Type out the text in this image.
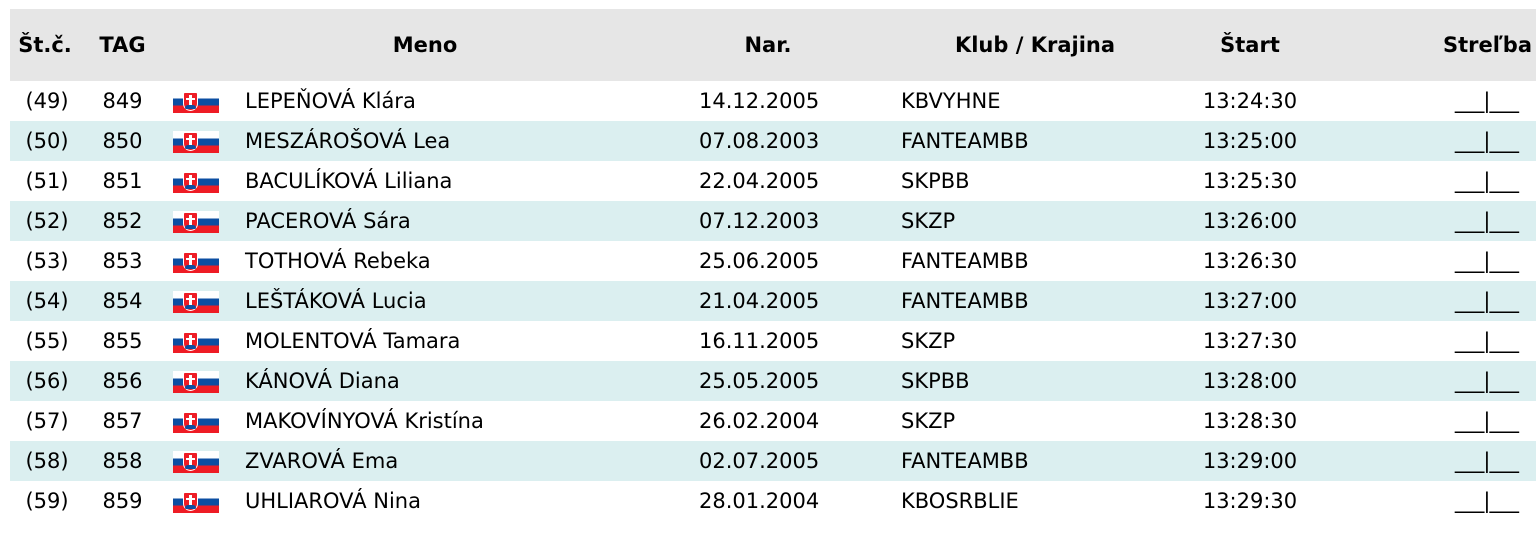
Št.č.	TAG		Meno	Nar.	Klub / Krajina	Štart	Streľba
(49)	849		LEPEŇOVÁ Klára	14.12.2005	KBVYHNE	13:24:30	___|___
(50)	850		MESZÁROŠOVÁ Lea	07.08.2003	FANTEAMBB	13:25:00	___|___
(51)	851		BACULÍKOVÁ Liliana	22.04.2005	SKPBB	13:25:30	___|___
(52)	852		PACEROVÁ Sára	07.12.2003	SKZP	13:26:00	___|___
(53)	853		TOTHOVÁ Rebeka	25.06.2005	FANTEAMBB	13:26:30	___|___
(54)	854		LEŠTÁKOVÁ Lucia	21.04.2005	FANTEAMBB	13:27:00	___|___
(55)	855		MOLENTOVÁ Tamara	16.11.2005	SKZP	13:27:30	___|___
(56)	856		KÁNOVÁ Diana	25.05.2005	SKPBB	13:28:00	___|___
(57)	857		MAKOVÍNYOVÁ Kristína	26.02.2004	SKZP	13:28:30	___|___
(58)	858		ZVAROVÁ Ema	02.07.2005	FANTEAMBB	13:29:00	___|___
(59)	859		UHLIAROVÁ Nina	28.01.2004	KBOSRBLIE	13:29:30	___|___
